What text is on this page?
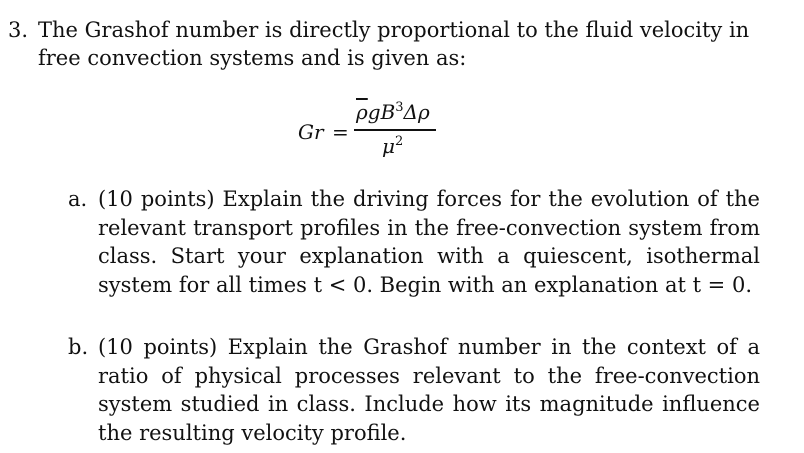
3. The Grashof number is directly proportional to the fluid velocity in
free convection systems and is given as:
Gr =
$\overline{\rho}gB^3\Delta\rho$
$\mu^2$
a. (10 points) Explain the driving forces for the evolution of the
relevant transport profiles in the free-convection system from
class. Start your explanation with a quiescent, isothermal
system for all times t < 0. Begin with an explanation at t = 0.
b. (10 points) Explain the Grashof number in the context of a
ratio of physical processes relevant to the free-convection
system studied in class. Include how its magnitude influence
the resulting velocity profile.
